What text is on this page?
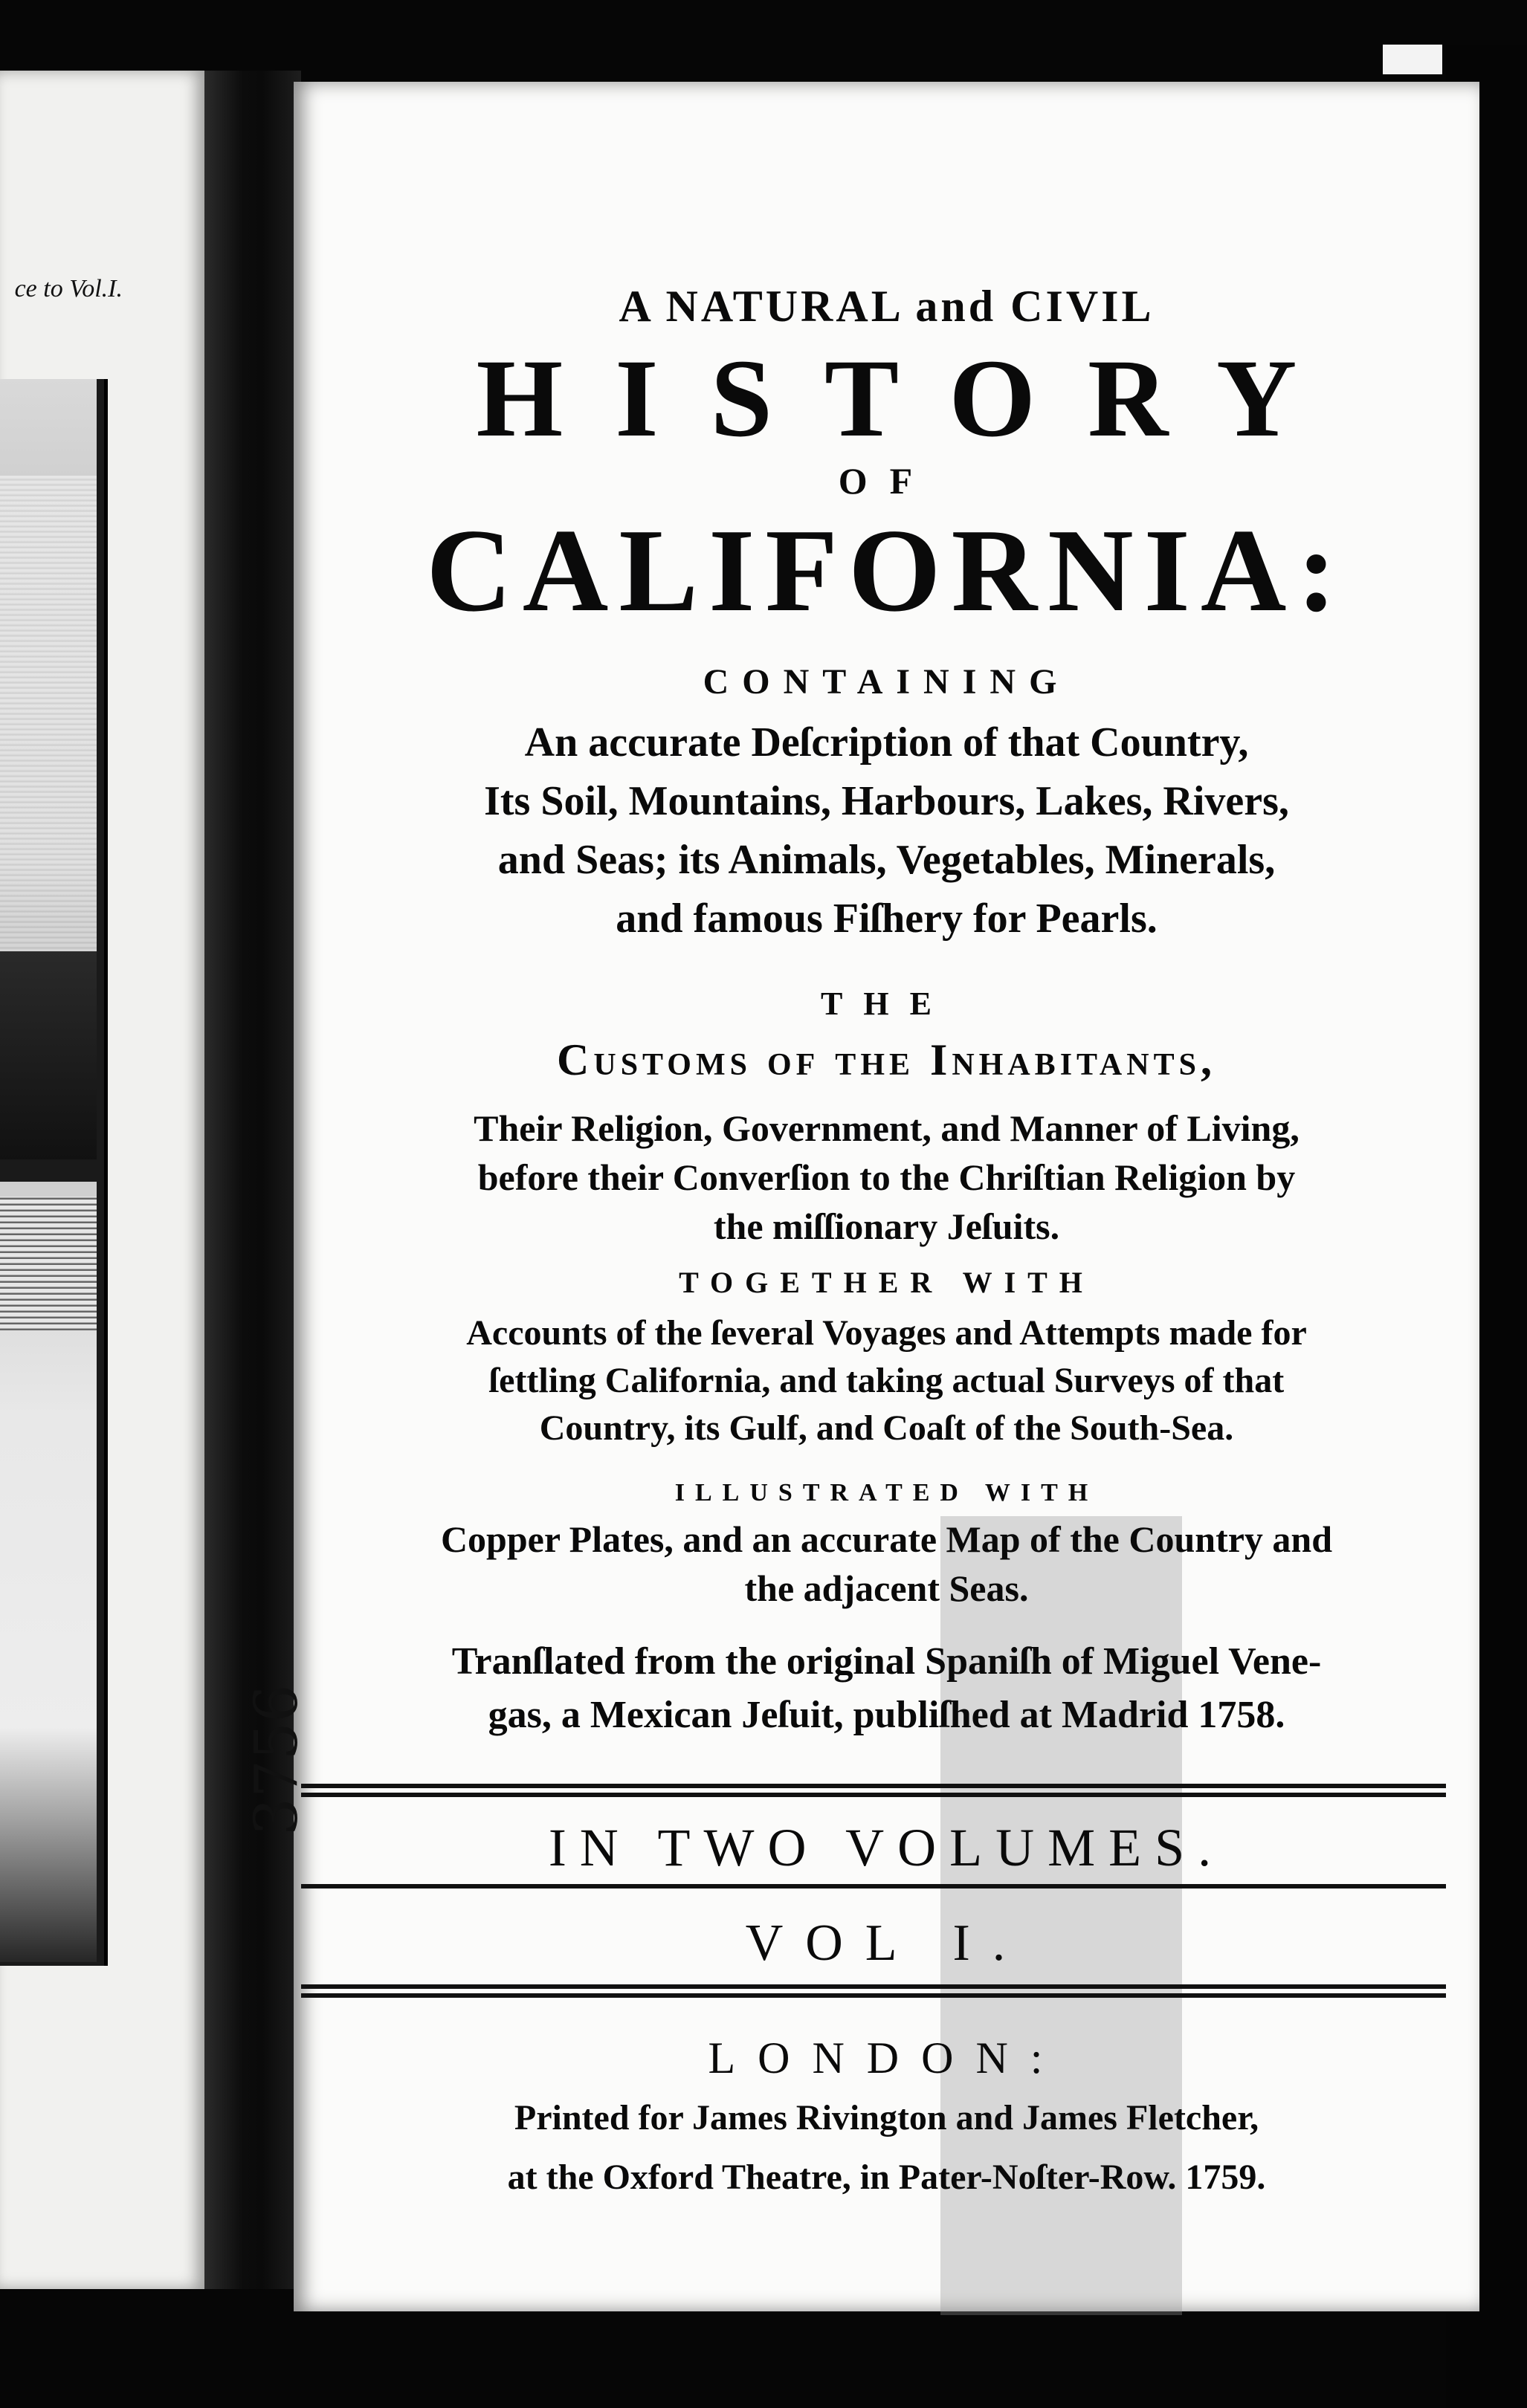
ce to Vol.I.	A NATURAL and CIVIL
HISTORY
OF
CALIFORNIA:
CONTAINING
An accurate Deſcription of that Country,
Its Soil, Mountains, Harbours, Lakes, Rivers,
and Seas; its Animals, Vegetables, Minerals,
and famous Fiſhery for Pearls.
THE
Customs of the Inhabitants,
Their Religion, Government, and Manner of Living,
before their Converſion to the Chriſtian Religion by
the miſſionary Jeſuits.
TOGETHER WITH
Accounts of the ſeveral Voyages and Attempts made for
ſettling California, and taking actual Surveys of that
Country, its Gulf, and Coaſt of the South-Sea.
ILLUSTRATED WITH
Copper Plates, and an accurate Map of the Country and
the adjacent Seas.
Tranſlated from the original Spaniſh of Miguel Vene-
gas, a Mexican Jeſuit, publiſhed at Madrid 1758.
IN TWO VOLUMES.
VOL I.
LONDON:
Printed for James Rivington and James Fletcher,
at the Oxford Theatre, in Pater-Noſter-Row. 1759.
3756
